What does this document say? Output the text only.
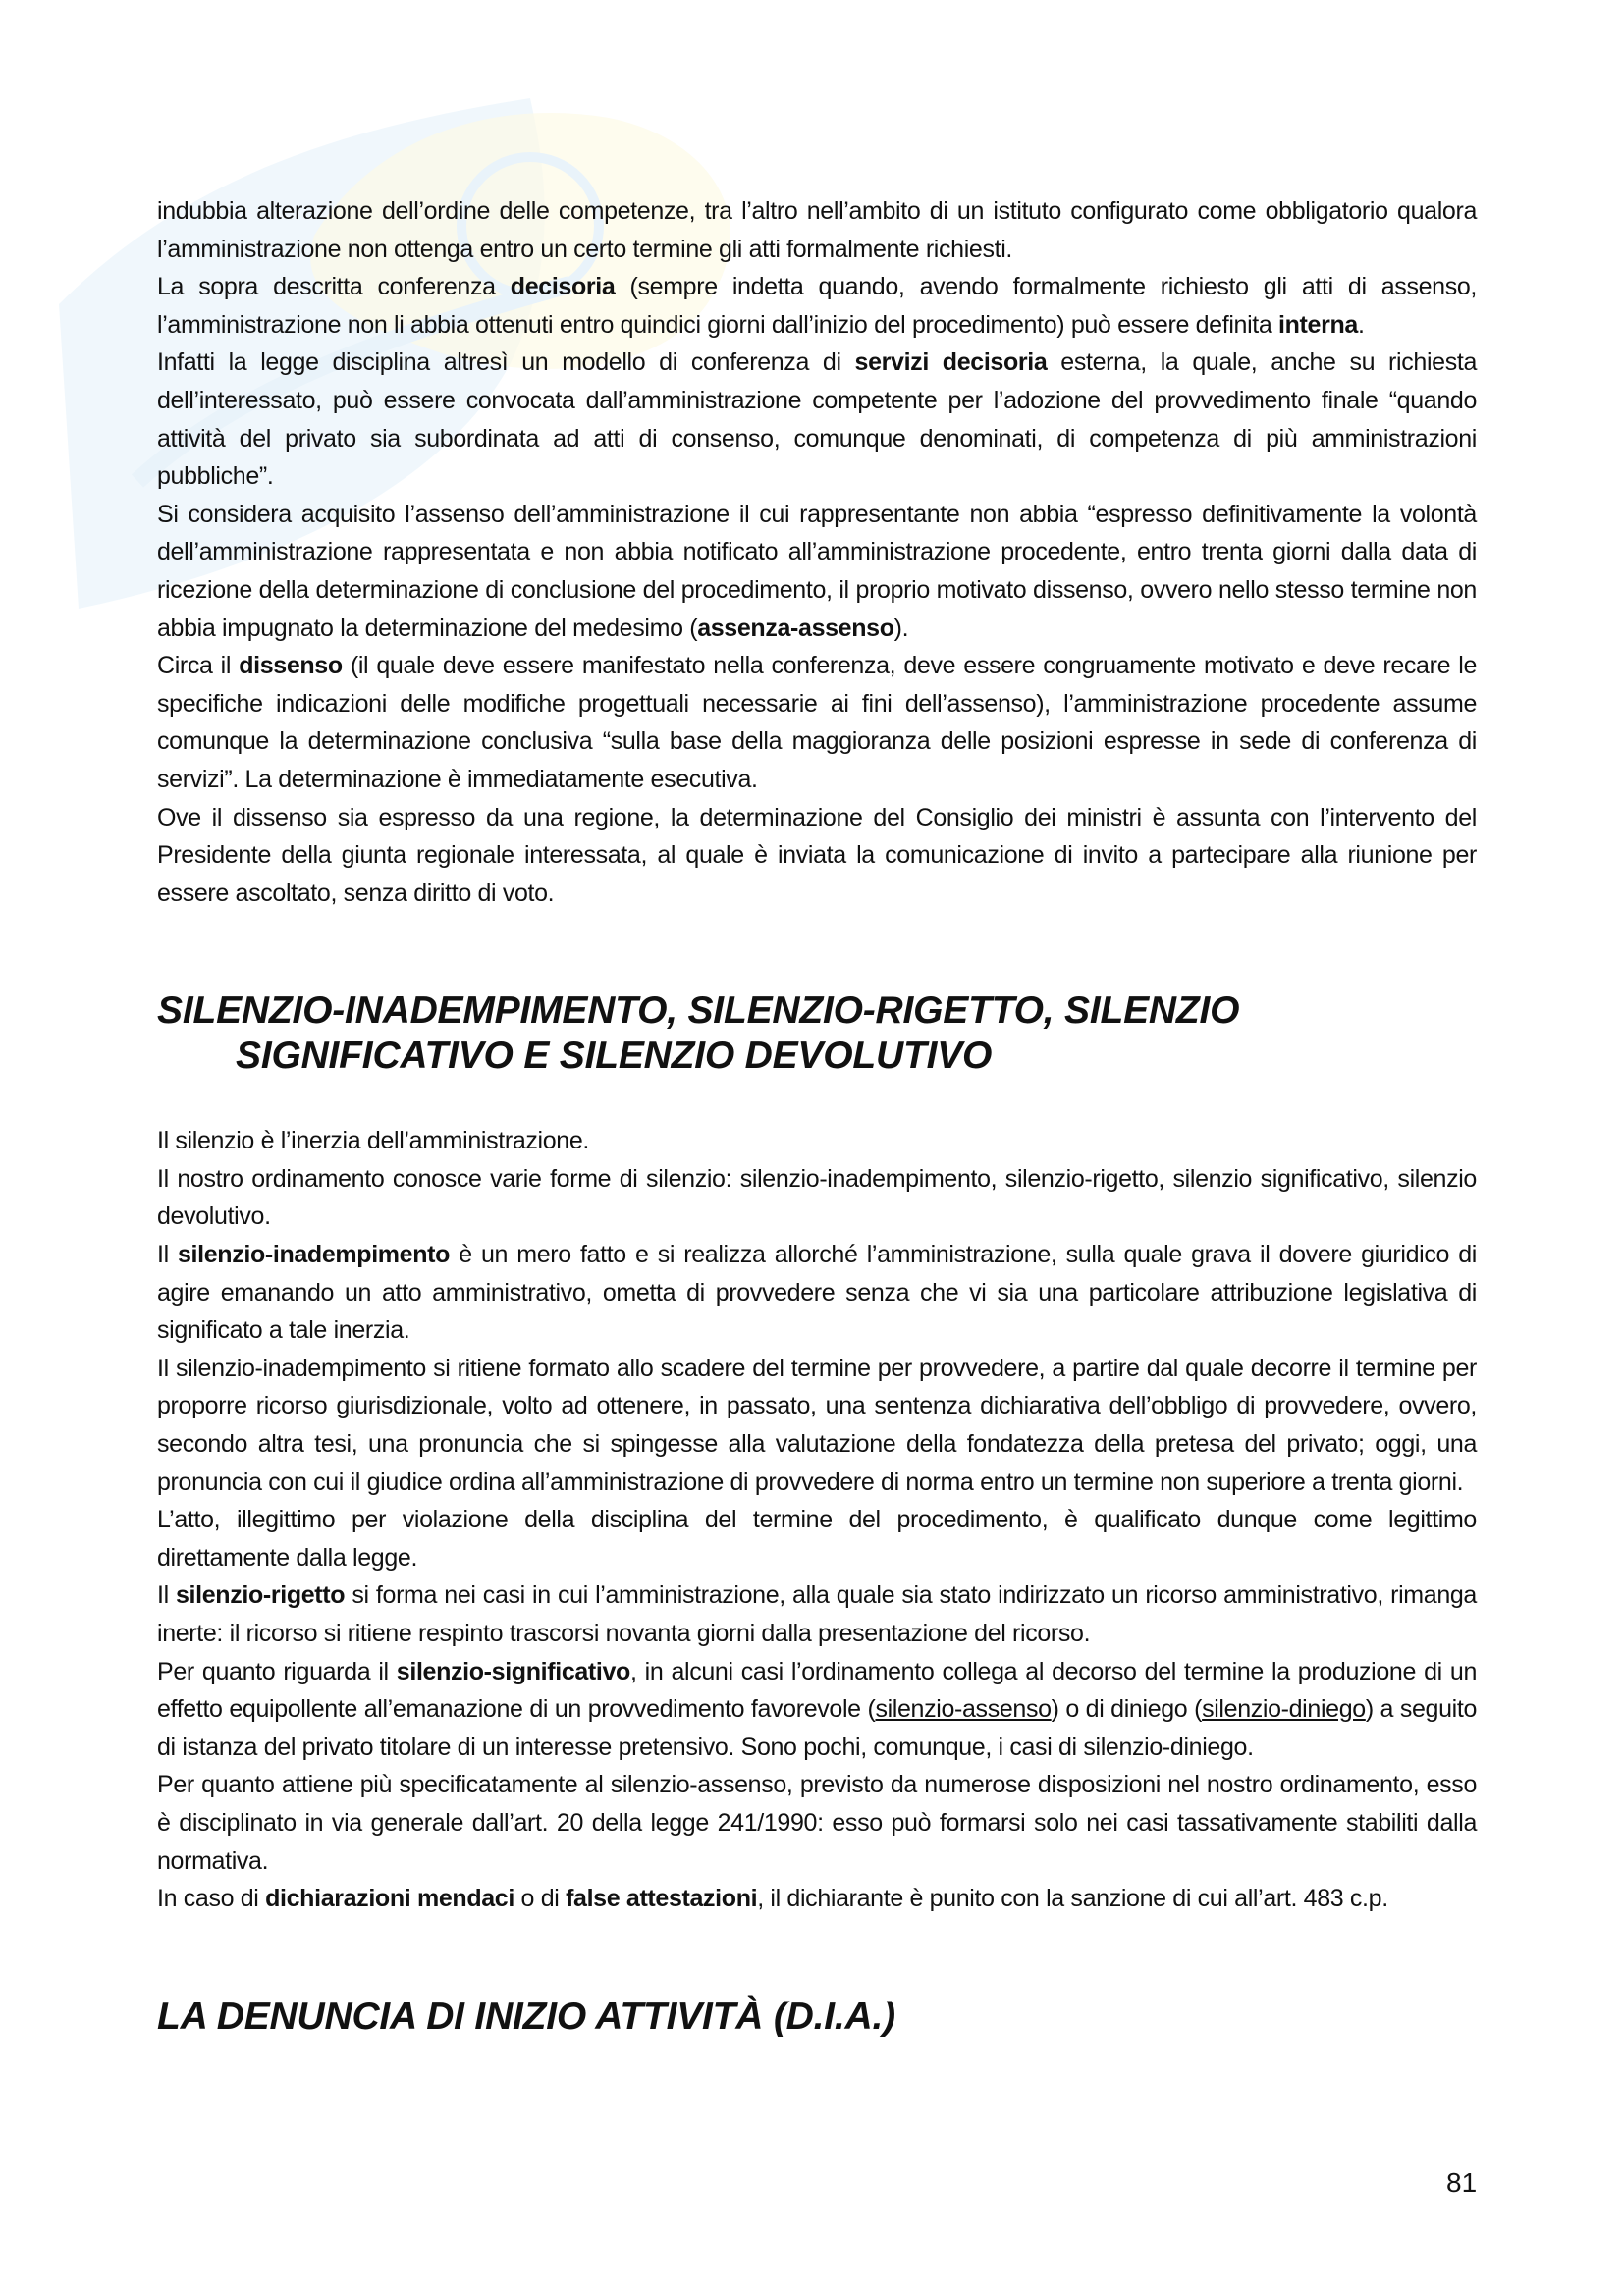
indubbia alterazione dell’ordine delle competenze, tra l’altro nell’ambito di un istituto configurato come obbligatorio qualora l’amministrazione non ottenga entro un certo termine gli atti formalmente richiesti.

La sopra descritta conferenza decisoria (sempre indetta quando, avendo formalmente richiesto gli atti di assenso, l’amministrazione non li abbia ottenuti entro quindici giorni dall’inizio del procedimento) può essere definita interna.

Infatti la legge disciplina altresì un modello di conferenza di servizi decisoria esterna, la quale, anche su richiesta dell’interessato, può essere convocata dall’amministrazione competente per l’adozione del provvedimento finale “quando attività del privato sia subordinata ad atti di consenso, comunque denominati, di competenza di più amministrazioni pubbliche”.

Si considera acquisito l’assenso dell’amministrazione il cui rappresentante non abbia “espresso definitivamente la volontà dell’amministrazione rappresentata e non abbia notificato all’amministrazione procedente, entro trenta giorni dalla data di ricezione della determinazione di conclusione del procedimento, il proprio motivato dissenso, ovvero nello stesso termine non abbia impugnato la determinazione del medesimo (assenza-assenso).

Circa il dissenso (il quale deve essere manifestato nella conferenza, deve essere congruamente motivato e deve recare le specifiche indicazioni delle modifiche progettuali necessarie ai fini dell’assenso), l’amministrazione procedente assume comunque la determinazione conclusiva “sulla base della maggioranza delle posizioni espresse in sede di conferenza di servizi”. La determinazione è immediatamente esecutiva.

Ove il dissenso sia espresso da una regione, la determinazione del Consiglio dei ministri è assunta con l’intervento del Presidente della giunta regionale interessata, al quale è inviata la comunicazione di invito a partecipare alla riunione per essere ascoltato, senza diritto di voto.

SILENZIO-INADEMPIMENTO, SILENZIO-RIGETTO, SILENZIO
SIGNIFICATIVO E SILENZIO DEVOLUTIVO

Il silenzio è l’inerzia dell’amministrazione.

Il nostro ordinamento conosce varie forme di silenzio: silenzio-inadempimento, silenzio-rigetto, silenzio significativo, silenzio devolutivo.

Il silenzio-inadempimento è un mero fatto e si realizza allorché l’amministrazione, sulla quale grava il dovere giuridico di agire emanando un atto amministrativo, ometta di provvedere senza che vi sia una particolare attribuzione legislativa di significato a tale inerzia.

Il silenzio-inadempimento si ritiene formato allo scadere del termine per provvedere, a partire dal quale decorre il termine per proporre ricorso giurisdizionale, volto ad ottenere, in passato, una sentenza dichiarativa dell’obbligo di provvedere, ovvero, secondo altra tesi, una pronuncia che si spingesse alla valutazione della fondatezza della pretesa del privato; oggi, una pronuncia con cui il giudice ordina all’amministrazione di provvedere di norma entro un termine non superiore a trenta giorni.

L’atto, illegittimo per violazione della disciplina del termine del procedimento, è qualificato dunque come legittimo direttamente dalla legge.

Il silenzio-rigetto si forma nei casi in cui l’amministrazione, alla quale sia stato indirizzato un ricorso amministrativo, rimanga inerte: il ricorso si ritiene respinto trascorsi novanta giorni dalla presentazione del ricorso.

Per quanto riguarda il silenzio-significativo, in alcuni casi l’ordinamento collega al decorso del termine la produzione di un effetto equipollente all’emanazione di un provvedimento favorevole (silenzio-assenso) o di diniego (silenzio-diniego) a seguito di istanza del privato titolare di un interesse pretensivo. Sono pochi, comunque, i casi di silenzio-diniego.

Per quanto attiene più specificatamente al silenzio-assenso, previsto da numerose disposizioni nel nostro ordinamento, esso è disciplinato in via generale dall’art. 20 della legge 241/1990: esso può formarsi solo nei casi tassativamente stabiliti dalla normativa.

In caso di dichiarazioni mendaci o di false attestazioni, il dichiarante è punito con la sanzione di cui all’art. 483 c.p.

LA DENUNCIA DI INIZIO ATTIVITÀ (D.I.A.)
81
